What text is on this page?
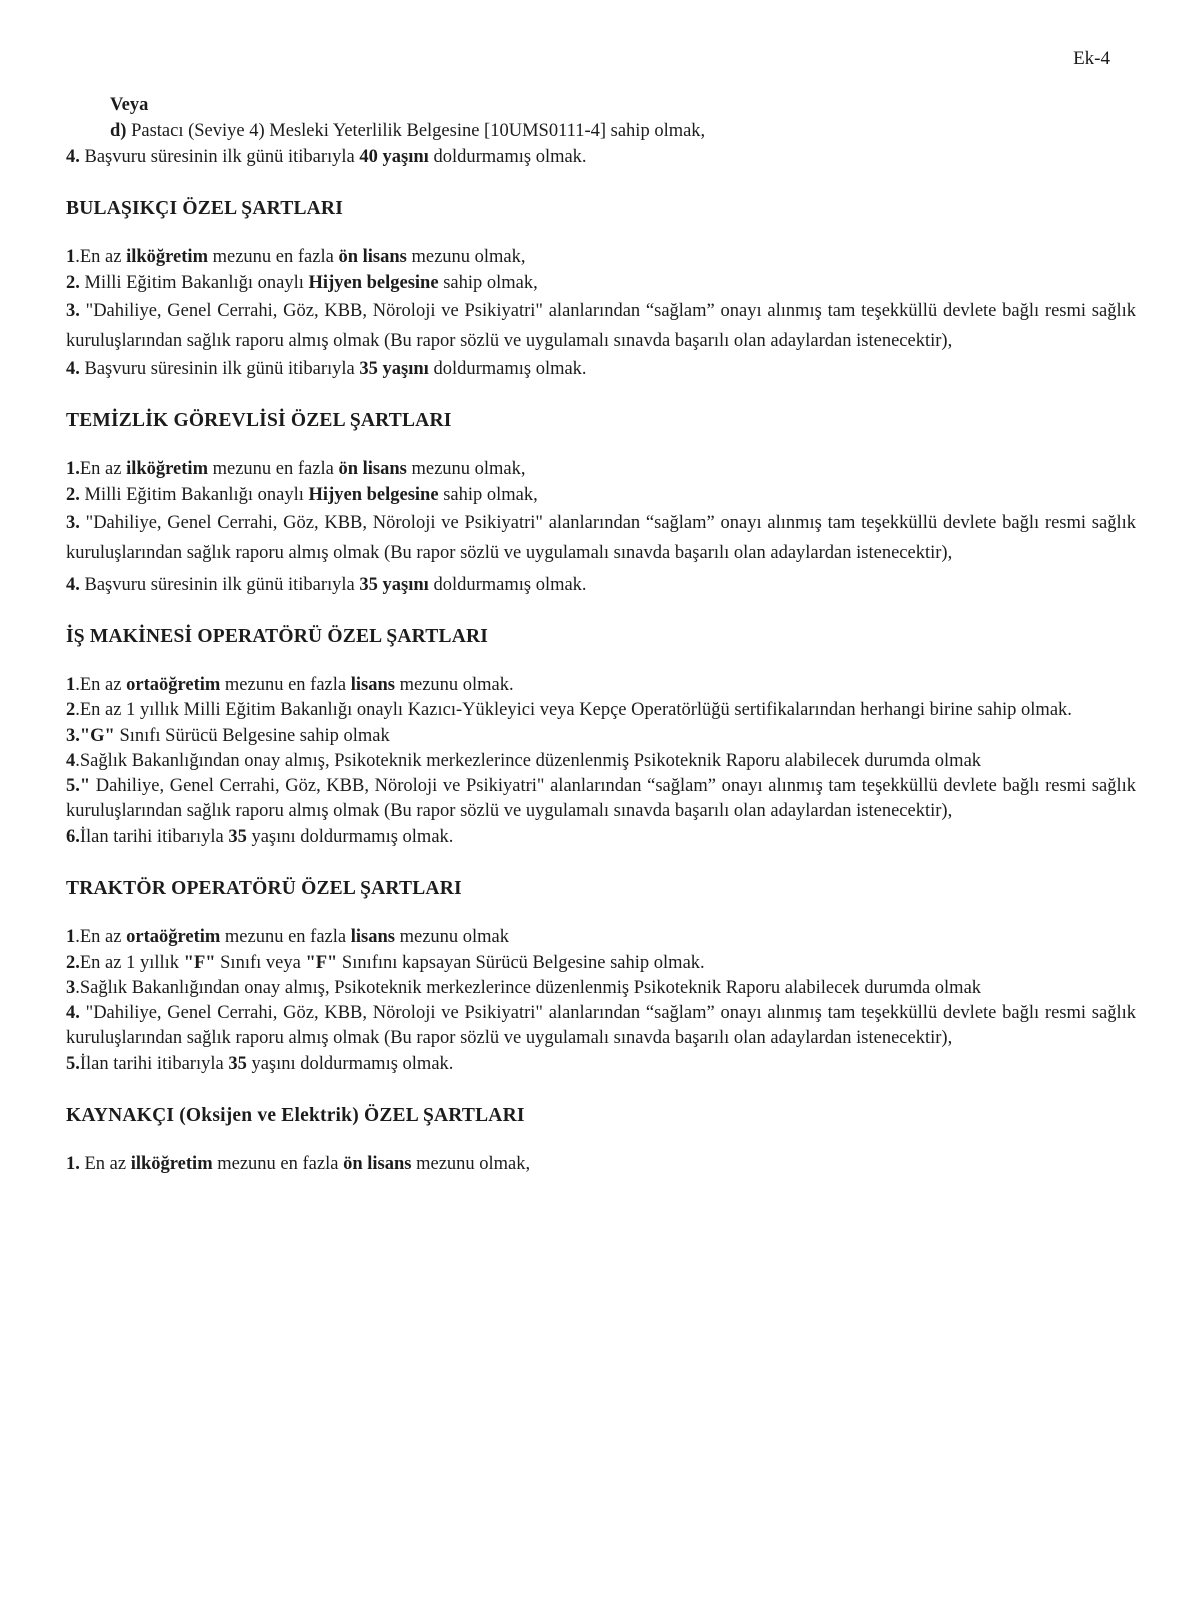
Ek-4
Veya
d) Pastacı (Seviye 4) Mesleki Yeterlilik Belgesine [10UMS0111-4] sahip olmak,
4. Başvuru süresinin ilk günü itibarıyla 40 yaşını doldurmamış olmak.
BULAŞIKÇI ÖZEL ŞARTLARI
1.En az ilköğretim mezunu en fazla ön lisans mezunu olmak,
2. Milli Eğitim Bakanlığı onaylı Hijyen belgesine sahip olmak,
3. "Dahiliye, Genel Cerrahi, Göz, KBB, Nöroloji ve Psikiyatri" alanlarından “sağlam” onayı alınmış tam teşekküllü devlete bağlı resmi sağlık kuruluşlarından sağlık raporu almış olmak (Bu rapor sözlü ve uygulamalı sınavda başarılı olan adaylardan istenecektir),
4. Başvuru süresinin ilk günü itibarıyla 35 yaşını doldurmamış olmak.
TEMİZLİK GÖREVLİSİ ÖZEL ŞARTLARI
1.En az ilköğretim mezunu en fazla ön lisans mezunu olmak,
2. Milli Eğitim Bakanlığı onaylı Hijyen belgesine sahip olmak,
3. "Dahiliye, Genel Cerrahi, Göz, KBB, Nöroloji ve Psikiyatri" alanlarından “sağlam” onayı alınmış tam teşekküllü devlete bağlı resmi sağlık kuruluşlarından sağlık raporu almış olmak (Bu rapor sözlü ve uygulamalı sınavda başarılı olan adaylardan istenecektir),
4. Başvuru süresinin ilk günü itibarıyla 35 yaşını doldurmamış olmak.
İŞ MAKİNESİ OPERATÖRÜ ÖZEL ŞARTLARI
1.En az ortaöğretim mezunu en fazla lisans mezunu olmak.
2.En az 1 yıllık Milli Eğitim Bakanlığı onaylı Kazıcı-Yükleyici veya Kepçe Operatörlüğü sertifikalarından herhangi birine sahip olmak.
3."G" Sınıfı Sürücü Belgesine sahip olmak
4.Sağlık Bakanlığından onay almış, Psikoteknik merkezlerince düzenlenmiş Psikoteknik Raporu alabilecek durumda olmak
5." Dahiliye, Genel Cerrahi, Göz, KBB, Nöroloji ve Psikiyatri" alanlarından “sağlam” onayı alınmış tam teşekküllü devlete bağlı resmi sağlık kuruluşlarından sağlık raporu almış olmak (Bu rapor sözlü ve uygulamalı sınavda başarılı olan adaylardan istenecektir),
6.İlan tarihi itibarıyla 35 yaşını doldurmamış olmak.
TRAKTÖR OPERATÖRÜ ÖZEL ŞARTLARI
1.En az ortaöğretim mezunu en fazla lisans mezunu olmak
2.En az 1 yıllık "F" Sınıfı veya "F" Sınıfını kapsayan Sürücü Belgesine sahip olmak.
3.Sağlık Bakanlığından onay almış, Psikoteknik merkezlerince düzenlenmiş Psikoteknik Raporu alabilecek durumda olmak
4. "Dahiliye, Genel Cerrahi, Göz, KBB, Nöroloji ve Psikiyatri" alanlarından “sağlam” onayı alınmış tam teşekküllü devlete bağlı resmi sağlık kuruluşlarından sağlık raporu almış olmak (Bu rapor sözlü ve uygulamalı sınavda başarılı olan adaylardan istenecektir),
5.İlan tarihi itibarıyla 35 yaşını doldurmamış olmak.
KAYNAKÇI (Oksijen ve Elektrik) ÖZEL ŞARTLARI
1. En az ilköğretim mezunu en fazla ön lisans mezunu olmak,
